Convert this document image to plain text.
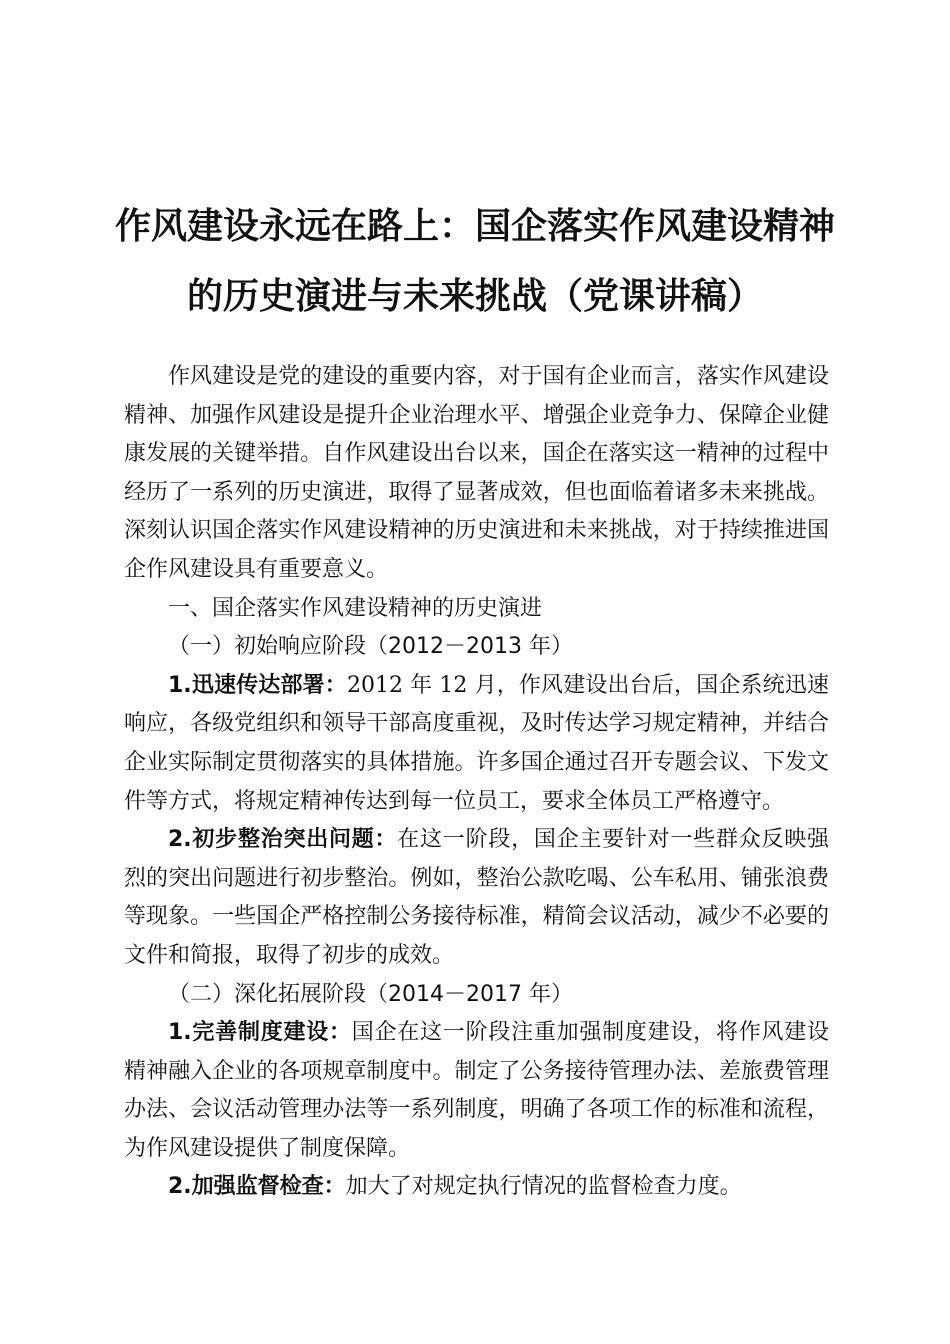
作风建设永远在路上：国企落实作风建设精神
的历史演进与未来挑战（党课讲稿）

作风建设是党的建设的重要内容，对于国有企业而言，落实作风建设精神、加强作风建设是提升企业治理水平、增强企业竞争力、保障企业健康发展的关键举措。自作风建设出台以来，国企在落实这一精神的过程中经历了一系列的历史演进，取得了显著成效，但也面临着诸多未来挑战。深刻认识国企落实作风建设精神的历史演进和未来挑战，对于持续推进国企作风建设具有重要意义。

一、国企落实作风建设精神的历史演进

（一）初始响应阶段（2012－2013 年）

1.迅速传达部署：2012 年 12 月，作风建设出台后，国企系统迅速响应，各级党组织和领导干部高度重视，及时传达学习规定精神，并结合企业实际制定贯彻落实的具体措施。许多国企通过召开专题会议、下发文件等方式，将规定精神传达到每一位员工，要求全体员工严格遵守。

2.初步整治突出问题：在这一阶段，国企主要针对一些群众反映强烈的突出问题进行初步整治。例如，整治公款吃喝、公车私用、铺张浪费等现象。一些国企严格控制公务接待标准，精简会议活动，减少不必要的文件和简报，取得了初步的成效。

（二）深化拓展阶段（2014－2017 年）

1.完善制度建设：国企在这一阶段注重加强制度建设，将作风建设精神融入企业的各项规章制度中。制定了公务接待管理办法、差旅费管理办法、会议活动管理办法等一系列制度，明确了各项工作的标准和流程，为作风建设提供了制度保障。

2.加强监督检查：加大了对规定执行情况的监督检查力度。
